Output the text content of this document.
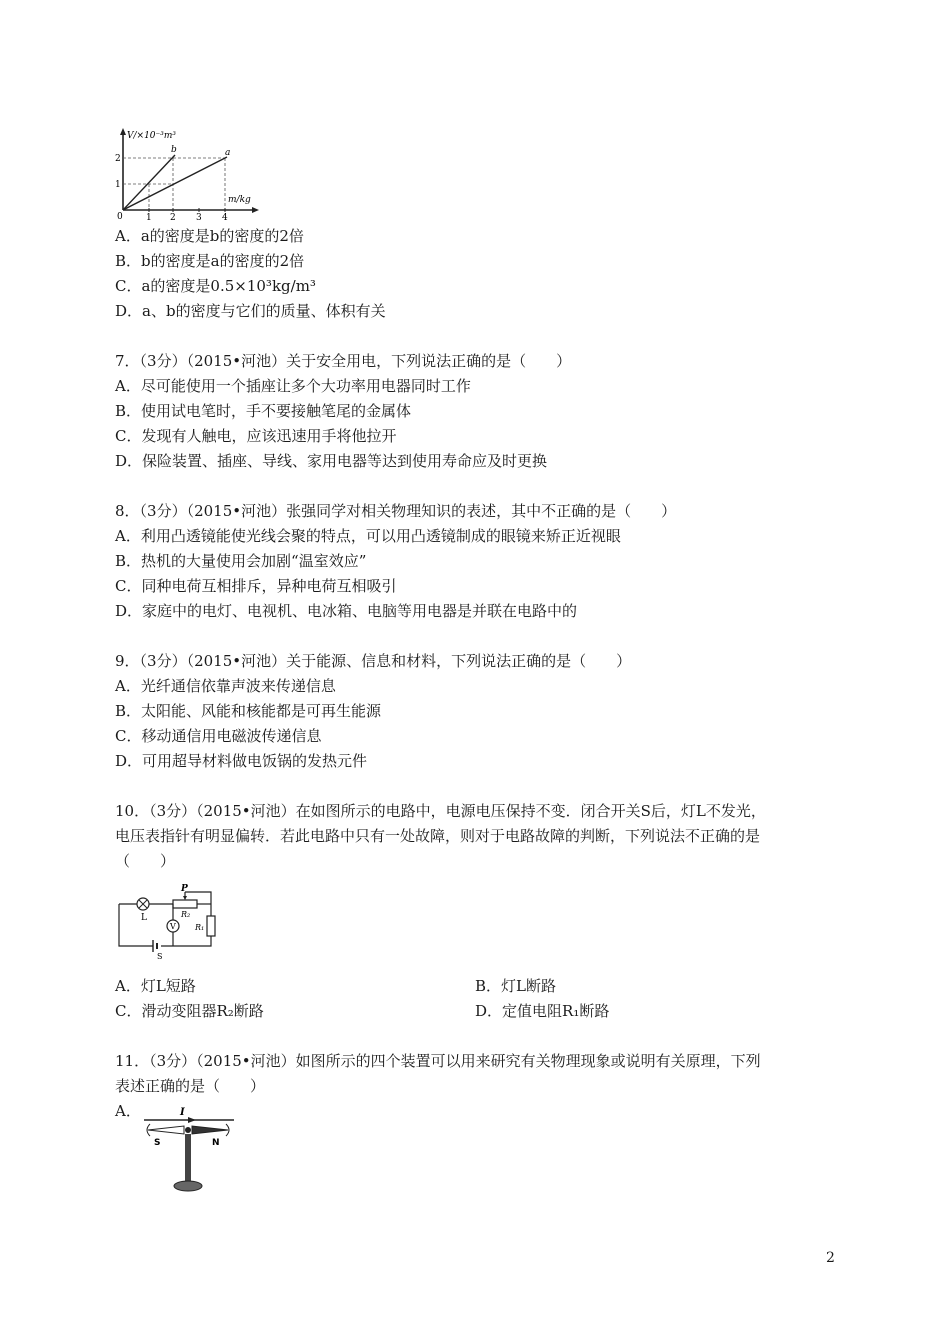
V/×10⁻³m³
m/kg
0	1 2 3 4
1
2
a
b
A．a的密度是b的密度的2倍
B．b的密度是a的密度的2倍
C．a的密度是0.5×10³kg/m³
D．a、b的密度与它们的质量、体积有关
7．（3分）（2015•河池）关于安全用电，下列说法正确的是（　　）
A．尽可能使用一个插座让多个大功率用电器同时工作
B．使用试电笔时，手不要接触笔尾的金属体
C．发现有人触电，应该迅速用手将他拉开
D．保险装置、插座、导线、家用电器等达到使用寿命应及时更换
8．（3分）（2015•河池）张强同学对相关物理知识的表述，其中不正确的是（　　）
A．利用凸透镜能使光线会聚的特点，可以用凸透镜制成的眼镜来矫正近视眼
B．热机的大量使用会加剧“温室效应”
C．同种电荷互相排斥，异种电荷互相吸引
D．家庭中的电灯、电视机、电冰箱、电脑等用电器是并联在电路中的
9．（3分）（2015•河池）关于能源、信息和材料，下列说法正确的是（　　）
A．光纤通信依靠声波来传递信息
B．太阳能、风能和核能都是可再生能源
C．移动通信用电磁波传递信息
D．可用超导材料做电饭锅的发热元件
10．（3分）（2015•河池）在如图所示的电路中，电源电压保持不变．闭合开关S后，灯L不发光，
电压表指针有明显偏转．若此电路中只有一处故障，则对于电路故障的判断，下列说法不正确的是
（　　）
L
P
R₂
R₁
V
S
A．灯L短路	B．灯L断路
C．滑动变阻器R₂断路	D．定值电阻R₁断路
11．（3分）（2015•河池）如图所示的四个装置可以用来研究有关物理现象或说明有关原理，下列
表述正确的是（　　）
A．	I
S	N
2
